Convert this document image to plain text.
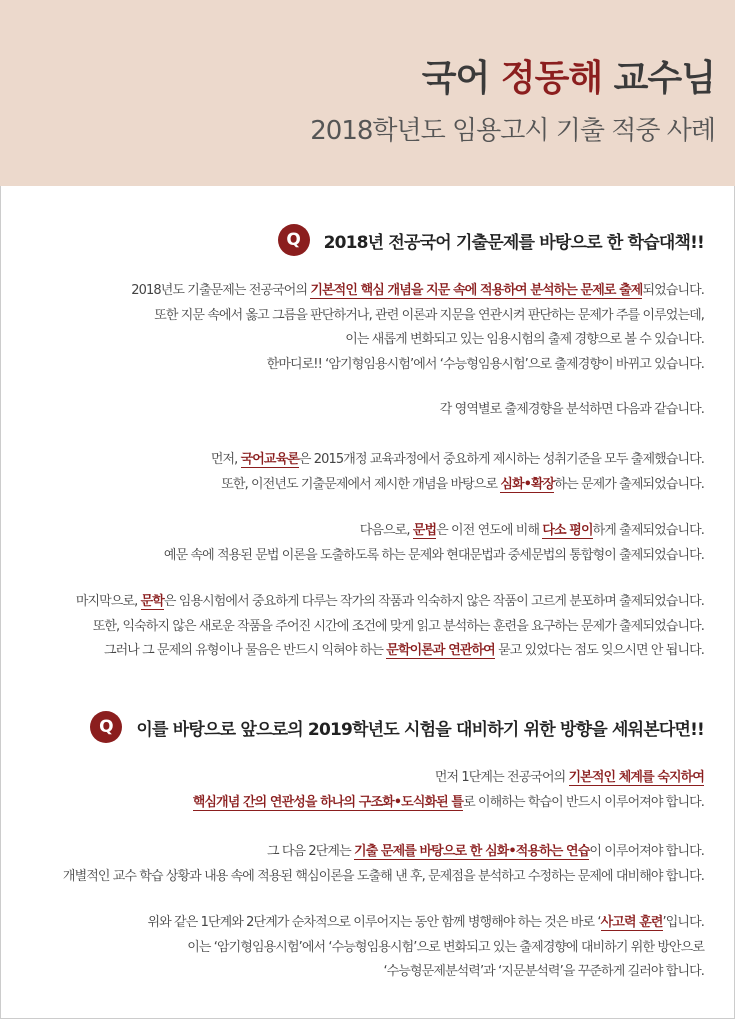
국어 정동해 교수님
2018학년도 임용고시 기출 적중 사례
Q	2018년 전공국어 기출문제를 바탕으로 한 학습대책!!
2018년도 기출문제는 전공국어의 기본적인 핵심 개념을 지문 속에 적용하여 분석하는 문제로 출제되었습니다.
또한 지문 속에서 옳고 그름을 판단하거나, 관련 이론과 지문을 연관시켜 판단하는 문제가 주를 이루었는데,
이는 새롭게 변화되고 있는 임용시험의 출제 경향으로 볼 수 있습니다.
한마디로!! ‘암기형임용시험’에서 ‘수능형임용시험’으로 출제경향이 바뀌고 있습니다.
각 영역별로 출제경향을 분석하면 다음과 같습니다.
먼저, 국어교육론은 2015개정 교육과정에서 중요하게 제시하는 성취기준을 모두 출제했습니다.
또한, 이전년도 기출문제에서 제시한 개념을 바탕으로 심화•확장하는 문제가 출제되었습니다.
다음으로, 문법은 이전 연도에 비해 다소 평이하게 출제되었습니다.
예문 속에 적용된 문법 이론을 도출하도록 하는 문제와 현대문법과 중세문법의 통합형이 출제되었습니다.
마지막으로, 문학은 임용시험에서 중요하게 다루는 작가의 작품과 익숙하지 않은 작품이 고르게 분포하며 출제되었습니다.
또한, 익숙하지 않은 새로운 작품을 주어진 시간에 조건에 맞게 읽고 분석하는 훈련을 요구하는 문제가 출제되었습니다.
그러나 그 문제의 유형이나 물음은 반드시 익혀야 하는 문학이론과 연관하여 묻고 있었다는 점도 잊으시면 안 됩니다.
Q	이를 바탕으로 앞으로의 2019학년도 시험을 대비하기 위한 방향을 세워본다면!!
먼저 1단계는 전공국어의 기본적인 체계를 숙지하여
핵심개념 간의 연관성을 하나의 구조화•도식화된 틀로 이해하는 학습이 반드시 이루어져야 합니다.
그 다음 2단계는 기출 문제를 바탕으로 한 심화•적용하는 연습이 이루어져야 합니다.
개별적인 교수 학습 상황과 내용 속에 적용된 핵심이론을 도출해 낸 후, 문제점을 분석하고 수정하는 문제에 대비해야 합니다.
위와 같은 1단계와 2단계가 순차적으로 이루어지는 동안 함께 병행해야 하는 것은 바로 ‘사고력 훈련’입니다.
이는 ‘암기형임용시험’에서 ‘수능형임용시험’으로 변화되고 있는 출제경향에 대비하기 위한 방안으로
‘수능형문제분석력’과 ‘지문분석력’을 꾸준하게 길러야 합니다.
